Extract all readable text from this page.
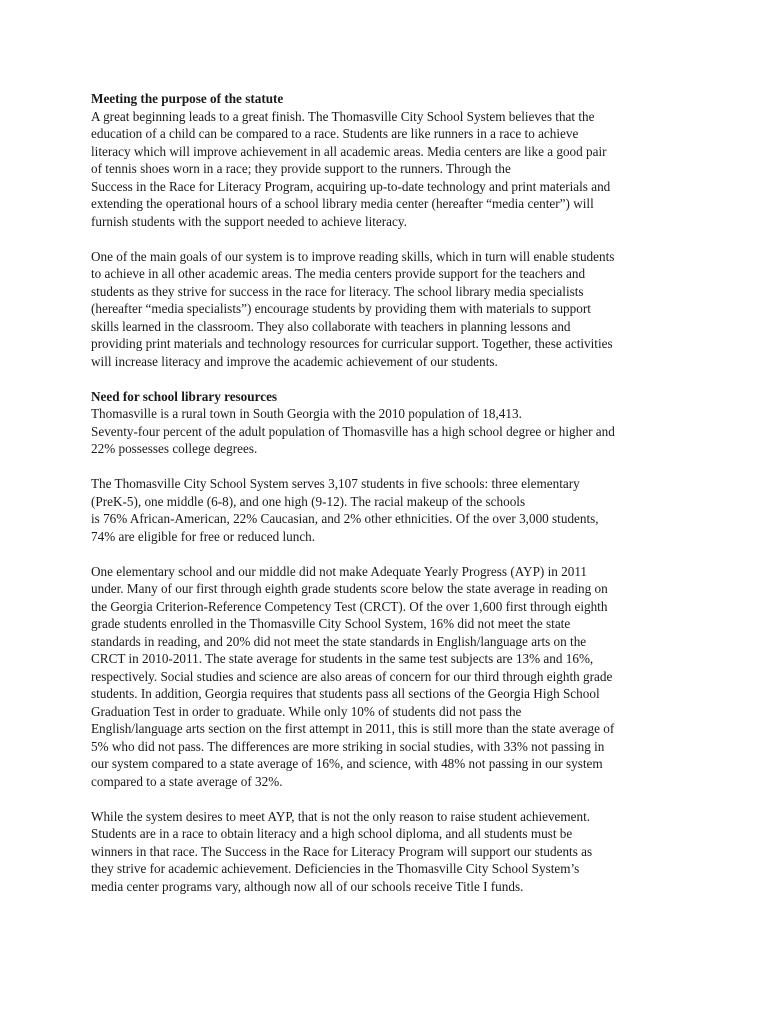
Meeting the purpose of the statute
A great beginning leads to a great finish. The Thomasville City School System believes that the
education of a child can be compared to a race. Students are like runners in a race to achieve
literacy which will improve achievement in all academic areas. Media centers are like a good pair
of tennis shoes worn in a race; they provide support to the runners. Through the
Success in the Race for Literacy Program, acquiring up-to-date technology and print materials and
extending the operational hours of a school library media center (hereafter “media center”) will
furnish students with the support needed to achieve literacy.
One of the main goals of our system is to improve reading skills, which in turn will enable students
to achieve in all other academic areas. The media centers provide support for the teachers and
students as they strive for success in the race for literacy. The school library media specialists
(hereafter “media specialists”) encourage students by providing them with materials to support
skills learned in the classroom. They also collaborate with teachers in planning lessons and
providing print materials and technology resources for curricular support. Together, these activities
will increase literacy and improve the academic achievement of our students.
Need for school library resources
Thomasville is a rural town in South Georgia with the 2010 population of 18,413.
Seventy-four percent of the adult population of Thomasville has a high school degree or higher and
22% possesses college degrees.
The Thomasville City School System serves 3,107 students in five schools: three elementary
(PreK-5), one middle (6-8), and one high (9-12). The racial makeup of the schools
is 76% African-American, 22% Caucasian, and 2% other ethnicities. Of the over 3,000 students,
74% are eligible for free or reduced lunch.
One elementary school and our middle did not make Adequate Yearly Progress (AYP) in 2011
under. Many of our first through eighth grade students score below the state average in reading on
the Georgia Criterion-Reference Competency Test (CRCT). Of the over 1,600 first through eighth
grade students enrolled in the Thomasville City School System, 16% did not meet the state
standards in reading, and 20% did not meet the state standards in English/language arts on the
CRCT in 2010-2011. The state average for students in the same test subjects are 13% and 16%,
respectively. Social studies and science are also areas of concern for our third through eighth grade
students. In addition, Georgia requires that students pass all sections of the Georgia High School
Graduation Test in order to graduate. While only 10% of students did not pass the
English/language arts section on the first attempt in 2011, this is still more than the state average of
5% who did not pass. The differences are more striking in social studies, with 33% not passing in
our system compared to a state average of 16%, and science, with 48% not passing in our system
compared to a state average of 32%.
While the system desires to meet AYP, that is not the only reason to raise student achievement.
Students are in a race to obtain literacy and a high school diploma, and all students must be
winners in that race. The Success in the Race for Literacy Program will support our students as
they strive for academic achievement. Deficiencies in the Thomasville City School System’s
media center programs vary, although now all of our schools receive Title I funds.
